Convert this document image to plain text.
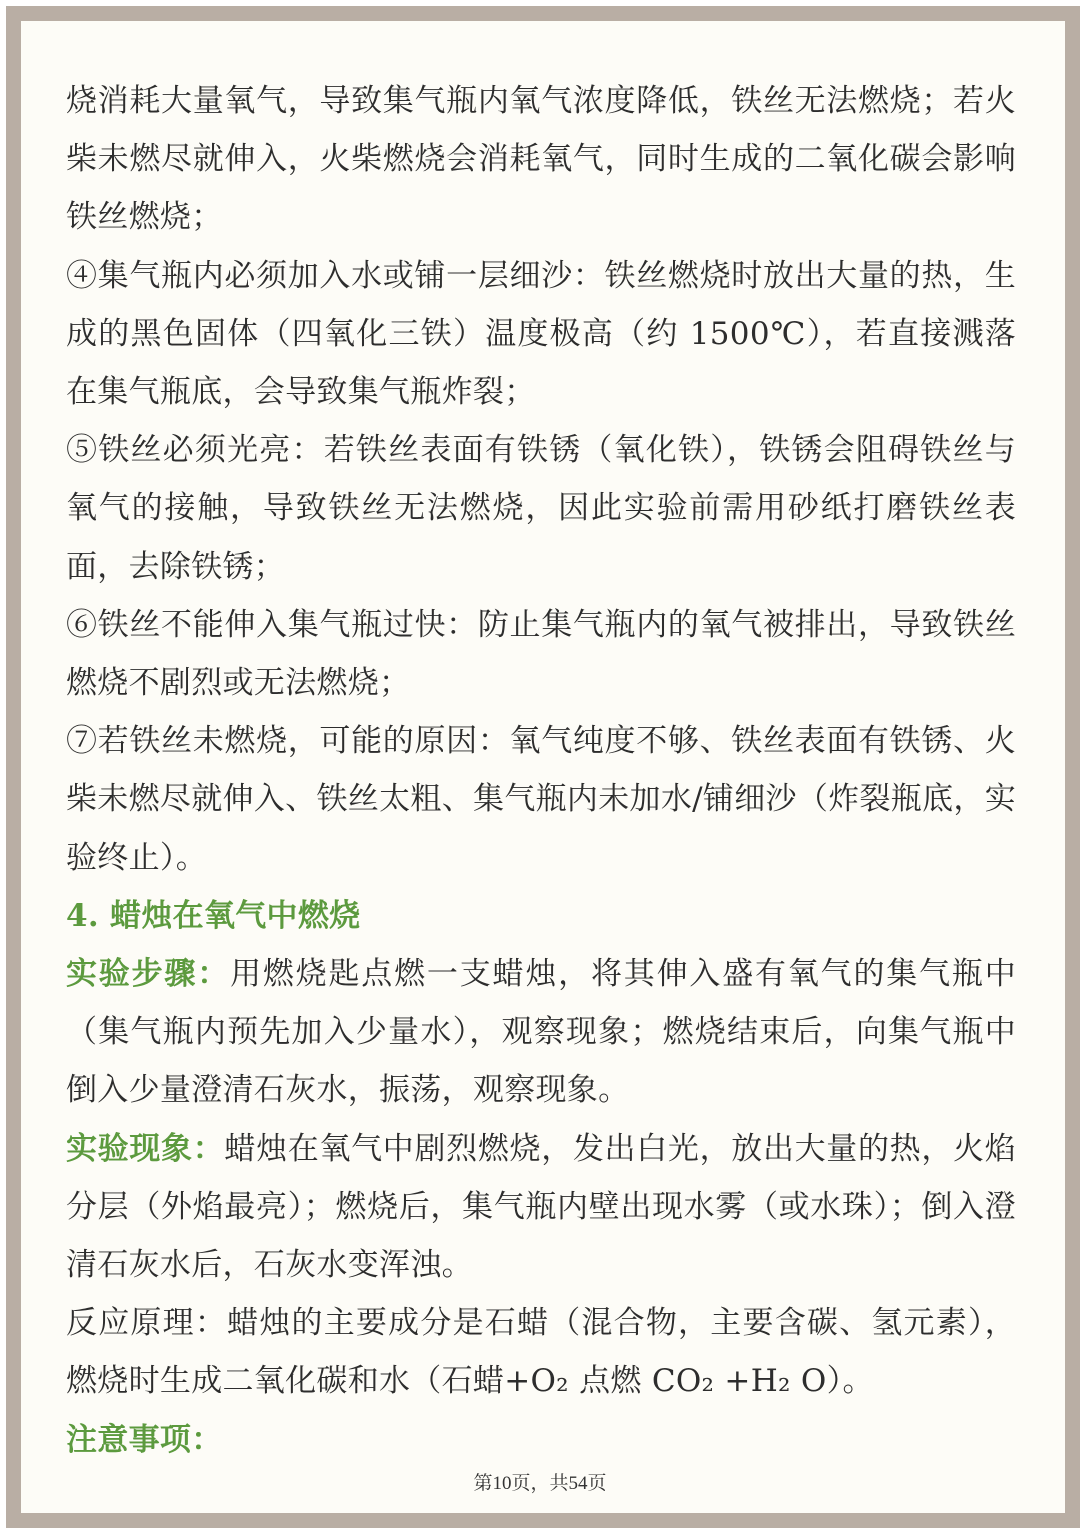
烧消耗大量氧气，导致集气瓶内氧气浓度降低，铁丝无法燃烧；若火柴未燃尽就伸入，火柴燃烧会消耗氧气，同时生成的二氧化碳会影响铁丝燃烧；

④集气瓶内必须加入水或铺一层细沙：铁丝燃烧时放出大量的热，生成的黑色固体（四氧化三铁）温度极高（约 1500℃），若直接溅落在集气瓶底，会导致集气瓶炸裂；

⑤铁丝必须光亮：若铁丝表面有铁锈（氧化铁），铁锈会阻碍铁丝与氧气的接触，导致铁丝无法燃烧，因此实验前需用砂纸打磨铁丝表面，去除铁锈；

⑥铁丝不能伸入集气瓶过快：防止集气瓶内的氧气被排出，导致铁丝燃烧不剧烈或无法燃烧；

⑦若铁丝未燃烧，可能的原因：氧气纯度不够、铁丝表面有铁锈、火柴未燃尽就伸入、铁丝太粗、集气瓶内未加水/铺细沙（炸裂瓶底，实验终止）。

4. 蜡烛在氧气中燃烧

实验步骤：用燃烧匙点燃一支蜡烛，将其伸入盛有氧气的集气瓶中（集气瓶内预先加入少量水），观察现象；燃烧结束后，向集气瓶中倒入少量澄清石灰水，振荡，观察现象。

实验现象：蜡烛在氧气中剧烈燃烧，发出白光，放出大量的热，火焰分层（外焰最亮）；燃烧后，集气瓶内壁出现水雾（或水珠）；倒入澄清石灰水后，石灰水变浑浊。

反应原理：蜡烛的主要成分是石蜡（混合物，主要含碳、氢元素），燃烧时生成二氧化碳和水（石蜡+O₂ 点燃 CO₂ +H₂ O）。

注意事项：

第10页，共54页
